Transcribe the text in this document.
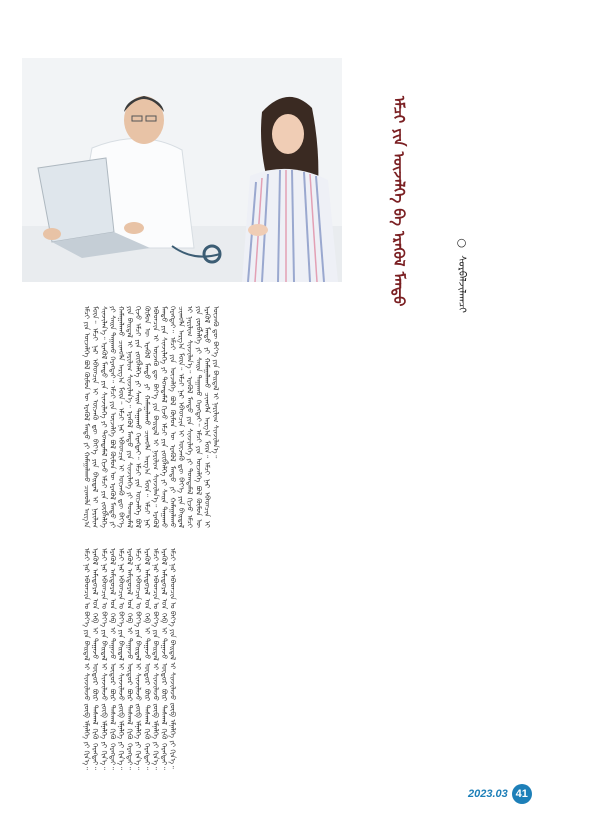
ᠡᠮᠴᠢ ᠶᠢᠨ ᠦᠵᠡᠯᠭᠡ ᠪᠠ ᠡᠷᠡᠭᠦᠯ ᠮᠡᠨᠳᠦ	○ ᠰᠤᠷᠪᠠᠯᠵᠢᠯᠠᠭᠴᠢ
ᠡᠮᠴᠢ ᠶᠢᠨ ᠦᠵᠡᠯᠭᠡ ᠪᠣᠯ ᠬᠦᠮᠦᠨ ᠦ ᠡᠷᠡᠭᠦᠯ ᠮᠡᠨᠳᠦ ᠶᠢ ᠬᠠᠮᠠᠭᠠᠯᠠᠬᠤ ᠴᠢᠬᠤᠯᠠ ᠠᠷᠭ᠎ᠠ ᠮᠥᠨ᠃ ᠡᠮᠴᠢ ᠨᠠᠷ ᠡᠪᠡᠳᠴᠢᠨ ᠢ ᠦᠵᠡᠬᠦ ᠳᠦ ᠪᠡᠶ᠎ᠡ ᠶᠢᠨ ᠪᠠᠢᠳᠠᠯ ᠢ ᠨᠠᠷᠢᠯᠢᠭ ᠰᠢᠨᠵᠢᠯᠡᠨ᠎ᠡ᠃ ᠡᠷᠡᠭᠦᠯ ᠮᠡᠨᠳᠦ ᠶᠢᠨ ᠰᠢᠨᠵᠢᠯᠡᠭᠡ ᠶᠢ ᠲᠣᠭᠲᠠᠮᠠᠯ ᠬᠢᠵᠦ ᠡᠮᠴᠢ ᠶᠢᠨ ᠵᠥᠪᠯᠡᠯᠭᠡ ᠶᠢ ᠰᠠᠢᠨ ᠳᠠᠭᠠᠬᠤ ᠬᠡᠷᠡᠭᠲᠡᠢ᠃ ᠡᠮᠴᠢ ᠶᠢᠨ ᠦᠵᠡᠯᠭᠡ ᠪᠣᠯ ᠬᠦᠮᠦᠨ ᠦ ᠡᠷᠡᠭᠦᠯ ᠮᠡᠨᠳᠦ ᠶᠢ ᠬᠠᠮᠠᠭᠠᠯᠠᠬᠤ ᠴᠢᠬᠤᠯᠠ ᠠᠷᠭ᠎ᠠ ᠮᠥᠨ᠃ ᠡᠮᠴᠢ ᠨᠠᠷ ᠡᠪᠡᠳᠴᠢᠨ ᠢ ᠦᠵᠡᠬᠦ ᠳᠦ ᠪᠡᠶ᠎ᠡ ᠶᠢᠨ ᠪᠠᠢᠳᠠᠯ ᠢ ᠨᠠᠷᠢᠯᠢᠭ ᠰᠢᠨᠵᠢᠯᠡᠨ᠎ᠡ᠃ ᠡᠷᠡᠭᠦᠯ ᠮᠡᠨᠳᠦ ᠶᠢᠨ ᠰᠢᠨᠵᠢᠯᠡᠭᠡ ᠶᠢ ᠲᠣᠭᠲᠠᠮᠠᠯ ᠬᠢᠵᠦ ᠡᠮᠴᠢ ᠶᠢᠨ ᠵᠥᠪᠯᠡᠯᠭᠡ ᠶᠢ ᠰᠠᠢᠨ ᠳᠠᠭᠠᠬᠤ ᠬᠡᠷᠡᠭᠲᠡᠢ᠃ ᠡᠮᠴᠢ ᠶᠢᠨ ᠦᠵᠡᠯᠭᠡ ᠪᠣᠯ ᠬᠦᠮᠦᠨ ᠦ ᠡᠷᠡᠭᠦᠯ ᠮᠡᠨᠳᠦ ᠶᠢ ᠬᠠᠮᠠᠭᠠᠯᠠᠬᠤ ᠴᠢᠬᠤᠯᠠ ᠠᠷᠭ᠎ᠠ ᠮᠥᠨ᠃ ᠡᠮᠴᠢ ᠨᠠᠷ ᠡᠪᠡᠳᠴᠢᠨ ᠢ ᠦᠵᠡᠬᠦ ᠳᠦ ᠪᠡᠶ᠎ᠡ ᠶᠢᠨ ᠪᠠᠢᠳᠠᠯ ᠢ ᠨᠠᠷᠢᠯᠢᠭ ᠰᠢᠨᠵᠢᠯᠡᠨ᠎ᠡ᠃ ᠡᠷᠡᠭᠦᠯ ᠮᠡᠨᠳᠦ ᠶᠢᠨ ᠰᠢᠨᠵᠢᠯᠡᠭᠡ ᠶᠢ ᠲᠣᠭᠲᠠᠮᠠᠯ ᠬᠢᠵᠦ ᠡᠮᠴᠢ ᠶᠢᠨ ᠵᠥᠪᠯᠡᠯᠭᠡ ᠶᠢ ᠰᠠᠢᠨ ᠳᠠᠭᠠᠬᠤ ᠬᠡᠷᠡᠭᠲᠡᠢ᠃ ᠡᠮᠴᠢ ᠶᠢᠨ ᠦᠵᠡᠯᠭᠡ ᠪᠣᠯ ᠬᠦᠮᠦᠨ ᠦ ᠡᠷᠡᠭᠦᠯ ᠮᠡᠨᠳᠦ ᠶᠢ ᠬᠠᠮᠠᠭᠠᠯᠠᠬᠤ ᠴᠢᠬᠤᠯᠠ ᠠᠷᠭ᠎ᠠ ᠮᠥᠨ᠃ ᠡᠮᠴᠢ ᠨᠠᠷ ᠡᠪᠡᠳᠴᠢᠨ ᠢ ᠦᠵᠡᠬᠦ ᠳᠦ ᠪᠡᠶ᠎ᠡ ᠶᠢᠨ ᠪᠠᠢᠳᠠᠯ ᠢ ᠨᠠᠷᠢᠯᠢᠭ ᠰᠢᠨᠵᠢᠯᠡᠨ᠎ᠡ᠃ ᠡᠷᠡᠭᠦᠯ ᠮᠡᠨᠳᠦ ᠶᠢᠨ ᠰᠢᠨᠵᠢᠯᠡᠭᠡ ᠶᠢ ᠲᠣᠭᠲᠠᠮᠠᠯ ᠬᠢᠵᠦ ᠡᠮᠴᠢ ᠶᠢᠨ ᠵᠥᠪᠯᠡᠯᠭᠡ ᠶᠢ ᠰᠠᠢᠨ ᠳᠠᠭᠠᠬᠤ ᠬᠡᠷᠡᠭᠲᠡᠢ᠃ ᠡᠮᠴᠢ ᠶᠢᠨ ᠦᠵᠡᠯᠭᠡ ᠪᠣᠯ ᠬᠦᠮᠦᠨ ᠦ ᠡᠷᠡᠭᠦᠯ ᠮᠡᠨᠳᠦ ᠶᠢ ᠬᠠᠮᠠᠭᠠᠯᠠᠬᠤ ᠴᠢᠬᠤᠯᠠ ᠠᠷᠭ᠎ᠠ ᠮᠥᠨ᠃ ᠡᠮᠴᠢ ᠨᠠᠷ ᠡᠪᠡᠳᠴᠢᠨ ᠢ ᠦᠵᠡᠬᠦ ᠳᠦ ᠪᠡᠶ᠎ᠡ ᠶᠢᠨ ᠪᠠᠢᠳᠠᠯ ᠢ ᠨᠠᠷᠢᠯᠢᠭ ᠰᠢᠨᠵᠢᠯᠡᠨ᠎ᠡ᠃
ᠡᠮᠴᠢ ᠨᠠᠷ ᠡᠪᠡᠳᠴᠢᠨ ᠤ ᠪᠡᠶ᠎ᠡ ᠶᠢᠨ ᠪᠠᠢᠳᠠᠯ ᠢ ᠰᠢᠨᠵᠢᠯᠡᠵᠦ ᠵᠥᠪ ᠡᠮᠨᠡᠯᠭᠡ ᠶᠢ ᠬᠢᠨ᠎ᠡ᠃ ᠡᠷᠡᠭᠦᠯ ᠠᠮᠢᠳᠤᠷᠠᠯ ᠤᠨ ᠬᠡᠪ ᠢ ᠳᠠᠭᠠᠵᠦ ᠥᠳᠦᠷ ᠪᠦᠷ ᠳᠠᠰᠬᠠᠯ ᠬᠢᠬᠦ ᠬᠡᠷᠡᠭᠲᠡᠢ᠃ ᠡᠮᠴᠢ ᠨᠠᠷ ᠡᠪᠡᠳᠴᠢᠨ ᠤ ᠪᠡᠶ᠎ᠡ ᠶᠢᠨ ᠪᠠᠢᠳᠠᠯ ᠢ ᠰᠢᠨᠵᠢᠯᠡᠵᠦ ᠵᠥᠪ ᠡᠮᠨᠡᠯᠭᠡ ᠶᠢ ᠬᠢᠨ᠎ᠡ᠃ ᠡᠷᠡᠭᠦᠯ ᠠᠮᠢᠳᠤᠷᠠᠯ ᠤᠨ ᠬᠡᠪ ᠢ ᠳᠠᠭᠠᠵᠦ ᠥᠳᠦᠷ ᠪᠦᠷ ᠳᠠᠰᠬᠠᠯ ᠬᠢᠬᠦ ᠬᠡᠷᠡᠭᠲᠡᠢ᠃ ᠡᠮᠴᠢ ᠨᠠᠷ ᠡᠪᠡᠳᠴᠢᠨ ᠤ ᠪᠡᠶ᠎ᠡ ᠶᠢᠨ ᠪᠠᠢᠳᠠᠯ ᠢ ᠰᠢᠨᠵᠢᠯᠡᠵᠦ ᠵᠥᠪ ᠡᠮᠨᠡᠯᠭᠡ ᠶᠢ ᠬᠢᠨ᠎ᠡ᠃ ᠡᠷᠡᠭᠦᠯ ᠠᠮᠢᠳᠤᠷᠠᠯ ᠤᠨ ᠬᠡᠪ ᠢ ᠳᠠᠭᠠᠵᠦ ᠥᠳᠦᠷ ᠪᠦᠷ ᠳᠠᠰᠬᠠᠯ ᠬᠢᠬᠦ ᠬᠡᠷᠡᠭᠲᠡᠢ᠃ ᠡᠮᠴᠢ ᠨᠠᠷ ᠡᠪᠡᠳᠴᠢᠨ ᠤ ᠪᠡᠶ᠎ᠡ ᠶᠢᠨ ᠪᠠᠢᠳᠠᠯ ᠢ ᠰᠢᠨᠵᠢᠯᠡᠵᠦ ᠵᠥᠪ ᠡᠮᠨᠡᠯᠭᠡ ᠶᠢ ᠬᠢᠨ᠎ᠡ᠃ ᠡᠷᠡᠭᠦᠯ ᠠᠮᠢᠳᠤᠷᠠᠯ ᠤᠨ ᠬᠡᠪ ᠢ ᠳᠠᠭᠠᠵᠦ ᠥᠳᠦᠷ ᠪᠦᠷ ᠳᠠᠰᠬᠠᠯ ᠬᠢᠬᠦ ᠬᠡᠷᠡᠭᠲᠡᠢ᠃ ᠡᠮᠴᠢ ᠨᠠᠷ ᠡᠪᠡᠳᠴᠢᠨ ᠤ ᠪᠡᠶ᠎ᠡ ᠶᠢᠨ ᠪᠠᠢᠳᠠᠯ ᠢ ᠰᠢᠨᠵᠢᠯᠡᠵᠦ ᠵᠥᠪ ᠡᠮᠨᠡᠯᠭᠡ ᠶᠢ ᠬᠢᠨ᠎ᠡ᠃ ᠡᠷᠡᠭᠦᠯ ᠠᠮᠢᠳᠤᠷᠠᠯ ᠤᠨ ᠬᠡᠪ ᠢ ᠳᠠᠭᠠᠵᠦ ᠥᠳᠦᠷ ᠪᠦᠷ ᠳᠠᠰᠬᠠᠯ ᠬᠢᠬᠦ ᠬᠡᠷᠡᠭᠲᠡᠢ᠃ ᠡᠮᠴᠢ ᠨᠠᠷ ᠡᠪᠡᠳᠴᠢᠨ ᠤ ᠪᠡᠶ᠎ᠡ ᠶᠢᠨ ᠪᠠᠢᠳᠠᠯ ᠢ ᠰᠢᠨᠵᠢᠯᠡᠵᠦ ᠵᠥᠪ ᠡᠮᠨᠡᠯᠭᠡ ᠶᠢ ᠬᠢᠨ᠎ᠡ᠃
2023.03 41
